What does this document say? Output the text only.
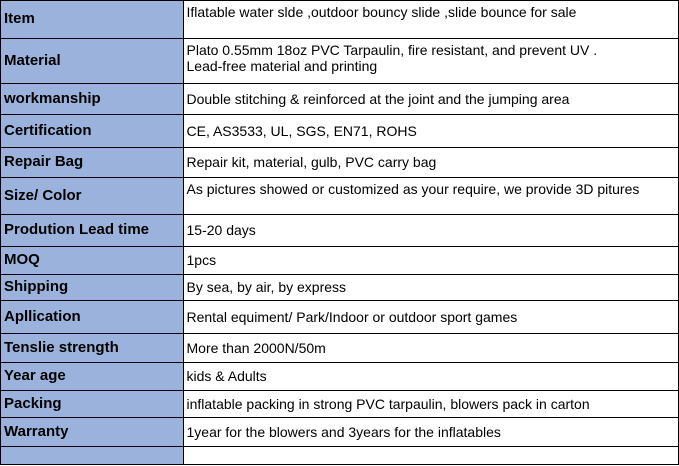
Item	Iflatable water slde ,outdoor bouncy slide ,slide bounce for sale

Material	Plato 0.55mm 18oz PVC Tarpaulin, fire resistant, and prevent UV .
Lead-free material and printing

workmanship	Double stitching & reinforced at the joint and the jumping area

Certification	CE, AS3533, UL, SGS, EN71, ROHS

Repair Bag	Repair kit, material, gulb, PVC carry bag

Size/ Color	As pictures showed or customized as your require, we provide 3D pitures

Prodution Lead time	15-20 days

MOQ	1pcs

Shipping	By sea, by air, by express

Apllication	Rental equiment/ Park/Indoor or outdoor sport games

Tenslie strength	More than 2000N/50m

Year age	kids & Adults

Packing	inflatable packing in strong PVC tarpaulin, blowers pack in carton

Warranty	1year for the blowers and 3years for the inflatables
